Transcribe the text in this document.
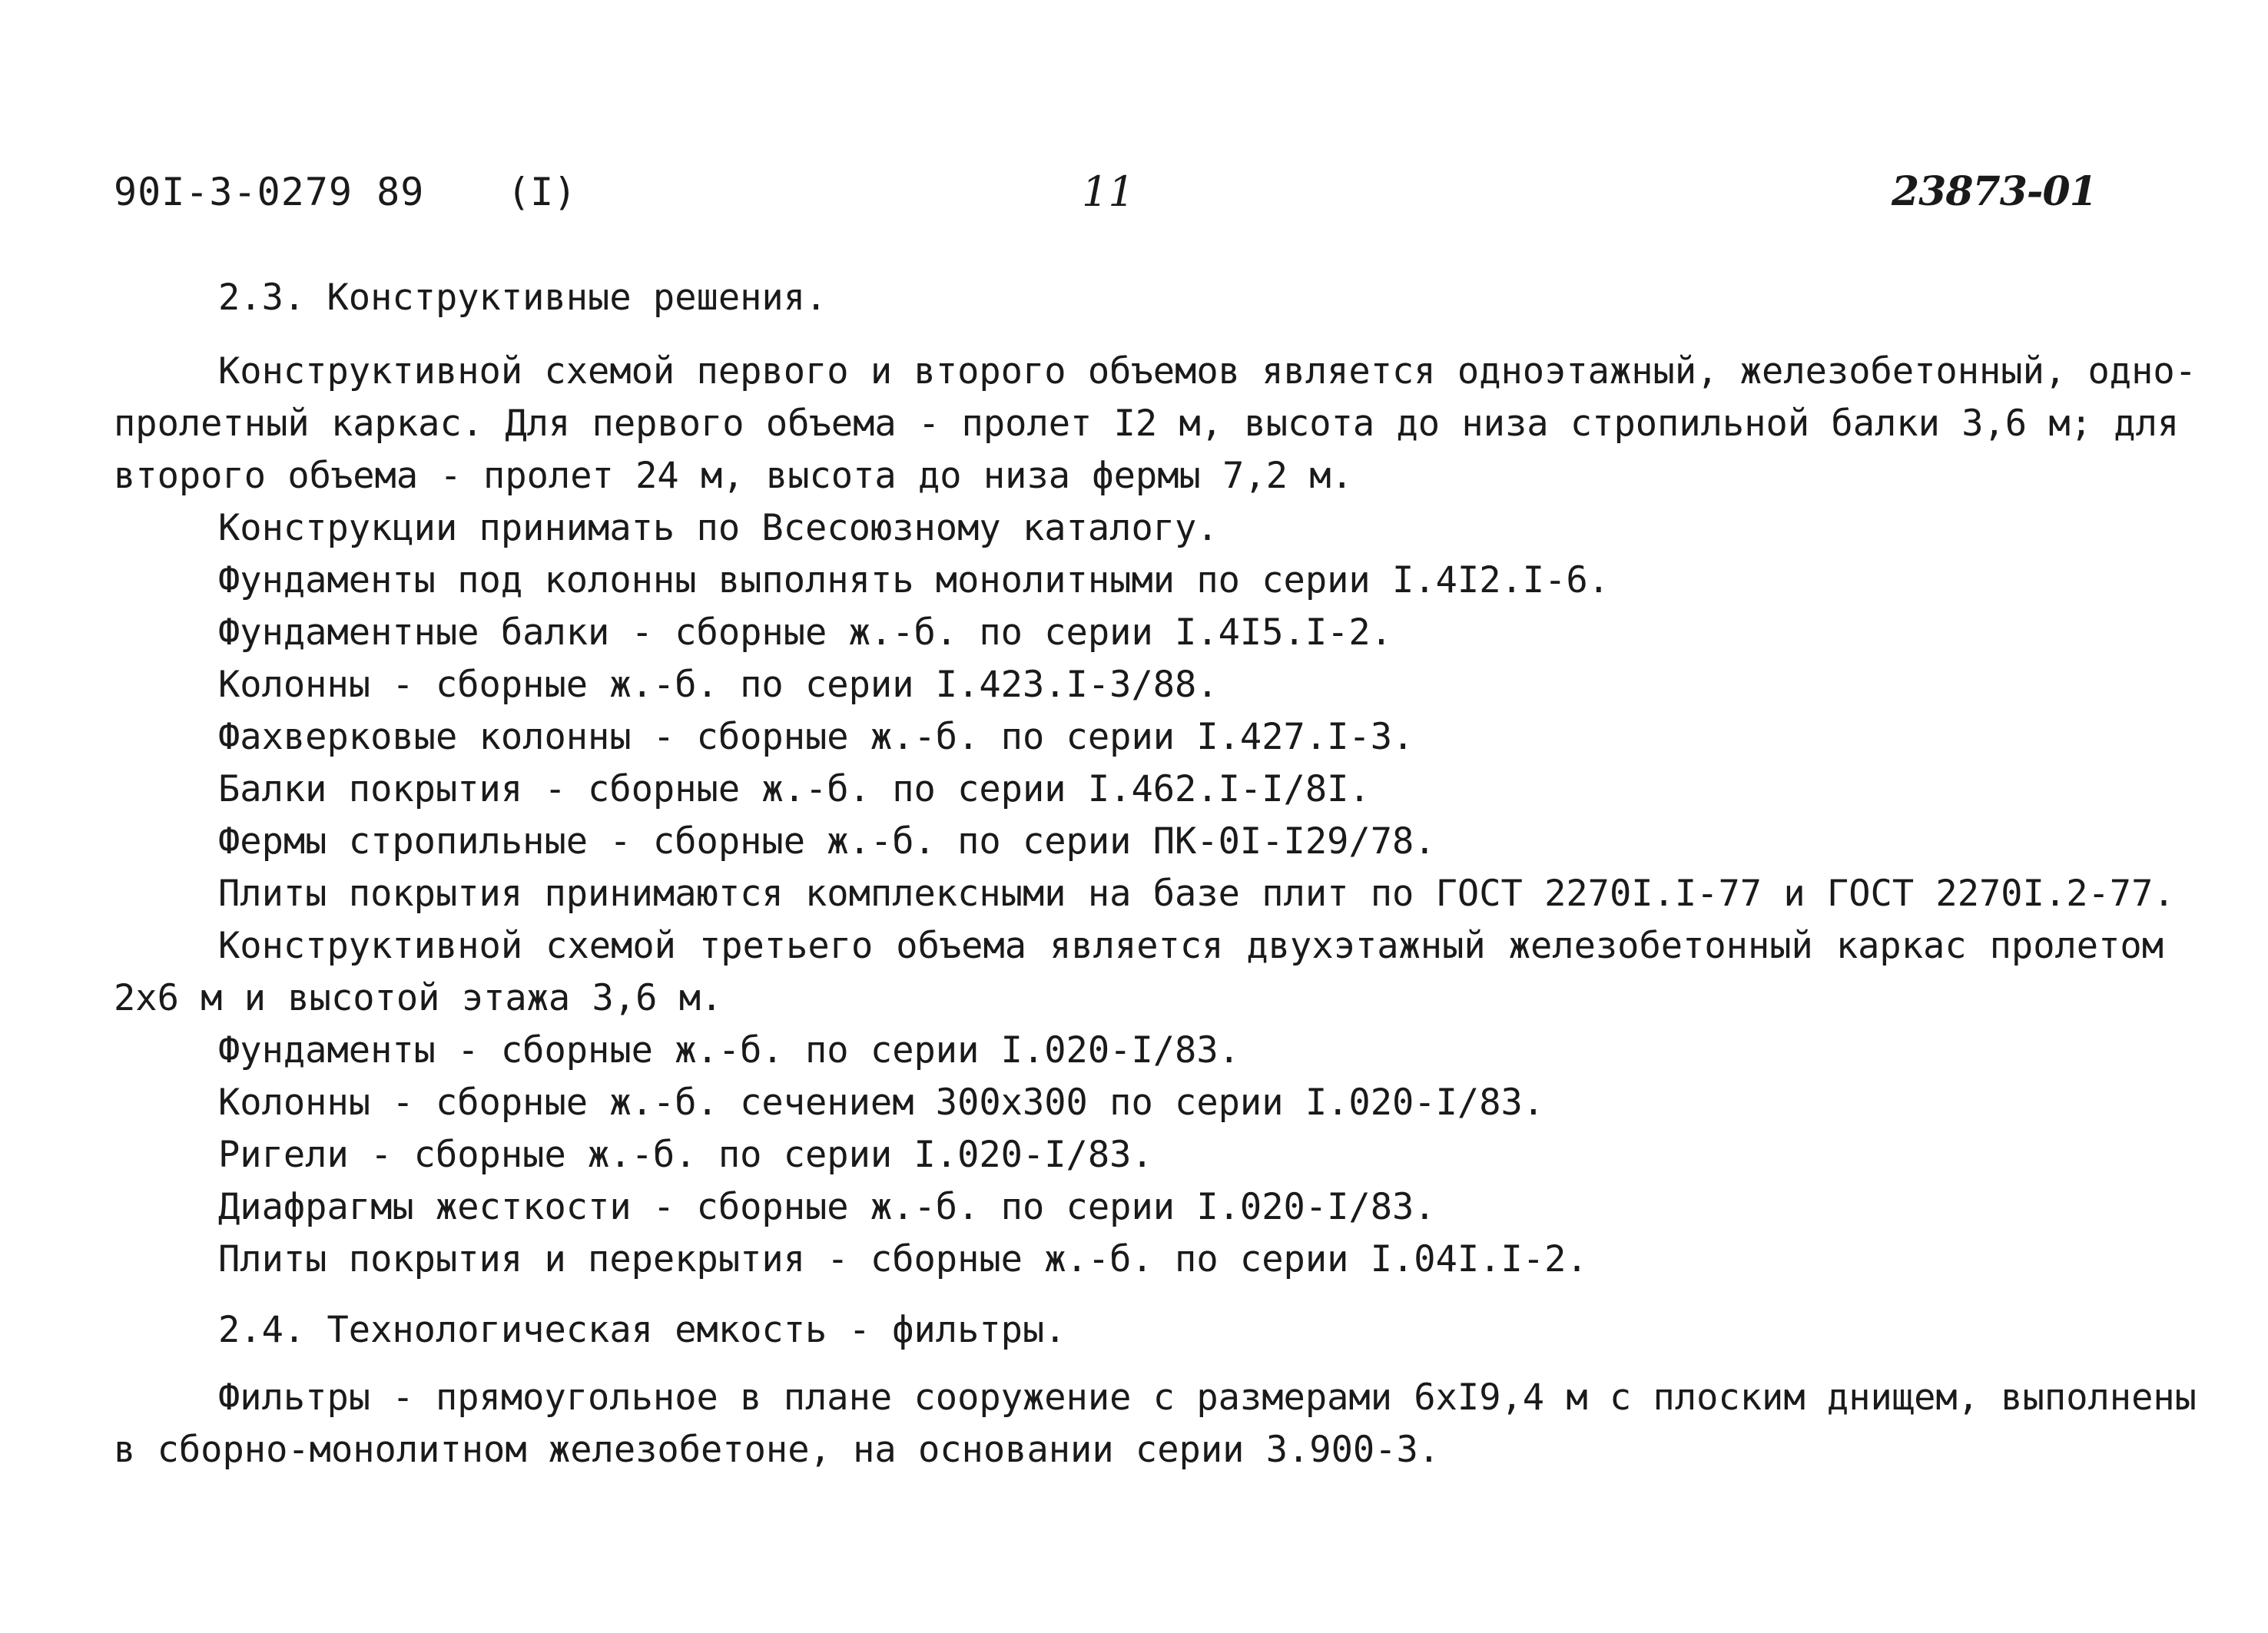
90I-3-0279 89 (I)	11	23873-01

2.3. Конструктивные решения.

Конструктивной схемой первого и второго объемов является одноэтажный, железобетонный, одно-

пролетный каркас. Для первого объема - пролет I2 м, высота до низа стропильной балки 3,6 м; для

второго объема - пролет 24 м, высота до низа фермы 7,2 м.

Конструкции принимать по Всесоюзному каталогу.

Фундаменты под колонны выполнять монолитными по серии I.4I2.I-6.

Фундаментные балки - сборные ж.-б. по серии I.4I5.I-2.

Колонны - сборные ж.-б. по серии I.423.I-3/88.

Фахверковые колонны - сборные ж.-б. по серии I.427.I-3.

Балки покрытия - сборные ж.-б. по серии I.462.I-I/8I.

Фермы стропильные - сборные ж.-б. по серии ПК-0I-I29/78.

Плиты покрытия принимаются комплексными на базе плит по ГОСТ 2270I.I-77 и ГОСТ 2270I.2-77.

Конструктивной схемой третьего объема является двухэтажный железобетонный каркас пролетом

2х6 м и высотой этажа 3,6 м.

Фундаменты - сборные ж.-б. по серии I.020-I/83.

Колонны - сборные ж.-б. сечением 300х300 по серии I.020-I/83.

Ригели - сборные ж.-б. по серии I.020-I/83.

Диафрагмы жесткости - сборные ж.-б. по серии I.020-I/83.

Плиты покрытия и перекрытия - сборные ж.-б. по серии I.04I.I-2.

2.4. Технологическая емкость - фильтры.

Фильтры - прямоугольное в плане сооружение с размерами 6хI9,4 м с плоским днищем, выполнены

в сборно-монолитном железобетоне, на основании серии 3.900-3.
